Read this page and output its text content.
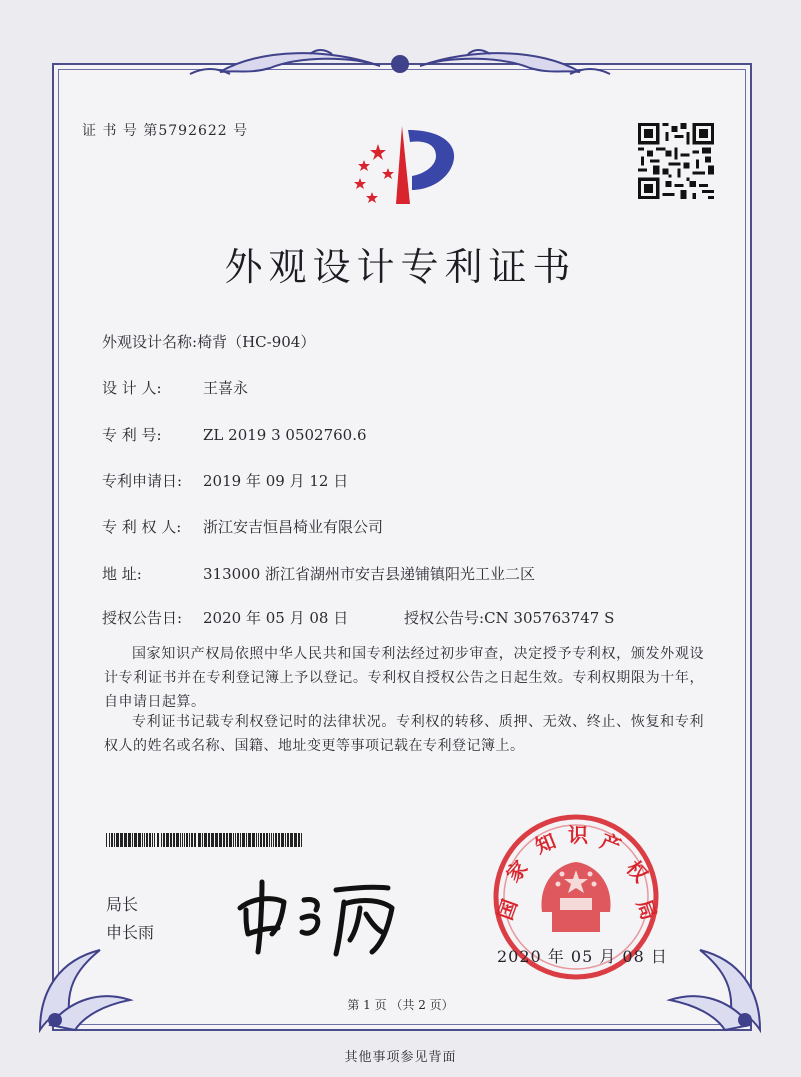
证 书 号 第5792622 号
外观设计专利证书
外观设计名称:椅背（HC-904）
设 计 人:	王喜永
专 利 号:	ZL 2019 3 0502760.6
专利申请日: 2019 年 09 月 12 日
专 利 权 人: 浙江安吉恒昌椅业有限公司
地 址:	313000 浙江省湖州市安吉县递铺镇阳光工业二区
授权公告日: 2020 年 05 月 08 日	授权公告号:CN 305763747 S
国家知识产权局依照中华人民共和国专利法经过初步审查，决定授予专利权，颁发外观设计专利证书并在专利登记簿上予以登记。专利权自授权公告之日起生效。专利权期限为十年，自申请日起算。
专利证书记载专利权登记时的法律状况。专利权的转移、质押、无效、终止、恢复和专利权人的姓名或名称、国籍、地址变更等事项记载在专利登记簿上。
局长
申长雨
国
家
知 识 产
权
局
2020 年 05 月 08 日
第 1 页 （共 2 页）
其他事项参见背面
